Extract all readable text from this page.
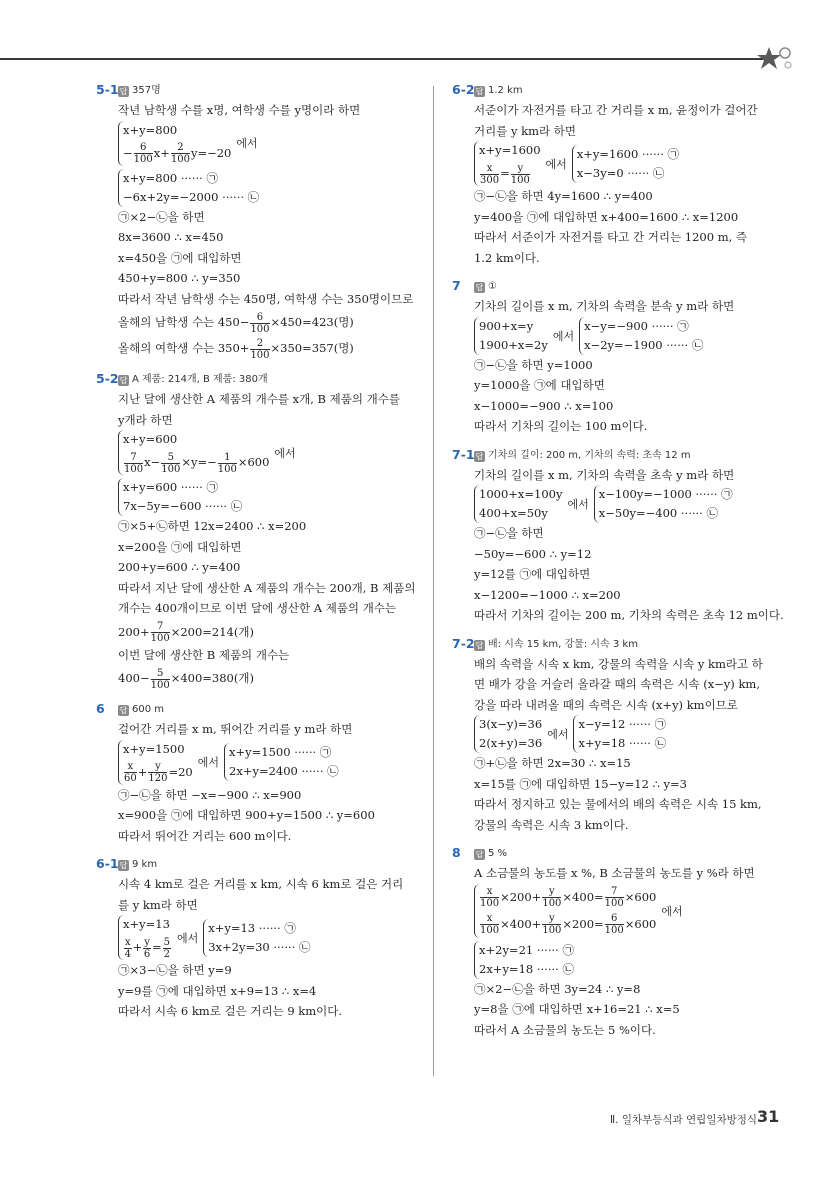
5-1 답 357명
작년 남학생 수를 x명, 여학생 수를 y명이라 하면
x+y=800
− $\frac{6}{100} x+ \frac{2}{100} y=-20$
에서
x+y=800 ······ ㉠
−6x+2y=−2000 ······ ㉡
㉠×2−㉡을 하면
8x=3600 ∴ x=450
x=450을 ㉠에 대입하면
450+y=800 ∴ y=350
따라서 작년 남학생 수는 450명, 여학생 수는 350명이므로
올해의 남학생 수는 $450- \frac{6}{100} \times 450=423$(명)
올해의 여학생 수는 $350+ \frac{2}{100} \times 350=357$(명)
5-2 답 A 제품: 214개, B 제품: 380개
지난 달에 생산한 A 제품의 개수를 x개, B 제품의 개수를
y개라 하면
x+y=600
$\frac{7}{100} x- \frac{5}{100} \times y=- \frac{1}{100} \times 600$
에서
x+y=600 ······ ㉠
7x−5y=−600 ······ ㉡
㉠×5+㉡하면 12x=2400 ∴ x=200
x=200을 ㉠에 대입하면
200+y=600 ∴ y=400
따라서 지난 달에 생산한 A 제품의 개수는 200개, B 제품의
개수는 400개이므로 이번 달에 생산한 A 제품의 개수는
$200+ \frac{7}{100} \times 200=214$(개)
이번 달에 생산한 B 제품의 개수는
$400- \frac{5}{100} \times 400=380$(개)
6 답 600 m
걸어간 거리를 x m, 뛰어간 거리를 y m라 하면
x+y=1500
$\frac{x}{60} + \frac{y}{120} =20$
에서
x+y=1500 ······ ㉠
2x+y=2400 ······ ㉡
㉠−㉡을 하면 −x=−900 ∴ x=900
x=900을 ㉠에 대입하면 900+y=1500 ∴ y=600
따라서 뛰어간 거리는 600 m이다.
6-1 답 9 km
시속 4 km로 걸은 거리를 x km, 시속 6 km로 걸은 거리
를 y km라 하면
x+y=13
$\frac{x}{4} + \frac{y}{6} = \frac{5}{2}$ 에서
x+y=13 ······ ㉠
3x+2y=30 ······ ㉡
㉠×3−㉡을 하면 y=9
y=9를 ㉠에 대입하면 x+9=13 ∴ x=4
따라서 시속 6 km로 걸은 거리는 9 km이다.
6-2 답 1.2 km
서준이가 자전거를 타고 간 거리를 x m, 윤정이가 걸어간
거리를 y km라 하면
x+y=1600
$\frac{x}{300} = \frac{y}{100}$ 에서
x+y=1600 ······ ㉠
x−3y=0 ······ ㉡
㉠−㉡을 하면 4y=1600 ∴ y=400
y=400을 ㉠에 대입하면 x+400=1600 ∴ x=1200
따라서 서준이가 자전거를 타고 간 거리는 1200 m, 즉
1.2 km이다.
7 답 ①
기차의 길이를 x m, 기차의 속력을 분속 y m라 하면
900+x=y
1900+x=2y
에서
x−y=−900 ······ ㉠
x−2y=−1900 ······ ㉡
㉠−㉡을 하면 y=1000
y=1000을 ㉠에 대입하면
x−1000=−900 ∴ x=100
따라서 기차의 길이는 100 m이다.
7-1 답 기차의 길이: 200 m, 기차의 속력: 초속 12 m
기차의 길이를 x m, 기차의 속력을 초속 y m라 하면
1000+x=100y
400+x=50y
에서
x−100y=−1000 ······ ㉠
x−50y=−400 ······ ㉡
㉠−㉡을 하면
−50y=−600 ∴ y=12
y=12를 ㉠에 대입하면
x−1200=−1000 ∴ x=200
따라서 기차의 길이는 200 m, 기차의 속력은 초속 12 m이다.
7-2 답 배: 시속 15 km, 강물: 시속 3 km
배의 속력을 시속 x km, 강물의 속력을 시속 y km라고 하
면 배가 강을 거슬러 올라갈 때의 속력은 시속 (x−y) km,
강을 따라 내려올 때의 속력은 시속 (x+y) km이므로
3(x−y)=36
2(x+y)=36
에서
x−y=12 ······ ㉠
x+y=18 ······ ㉡
㉠+㉡을 하면 2x=30 ∴ x=15
x=15를 ㉠에 대입하면 15−y=12 ∴ y=3
따라서 정지하고 있는 물에서의 배의 속력은 시속 15 km,
강물의 속력은 시속 3 km이다.
8 답 5 %
A 소금물의 농도를 x %, B 소금물의 농도를 y %라 하면
$\frac{x}{100} \times 200+ \frac{y}{100} \times 400= \frac{7}{100} \times 600$
$\frac{x}{100} \times 400+ \frac{y}{100} \times 200= \frac{6}{100} \times 600$
에서
x+2y=21 ······ ㉠
2x+y=18 ······ ㉡
㉠×2−㉡을 하면 3y=24 ∴ y=8
y=8을 ㉠에 대입하면 x+16=21 ∴ x=5
따라서 A 소금물의 농도는 5 %이다.
Ⅱ. 일차부등식과 연립일차방정식 31
